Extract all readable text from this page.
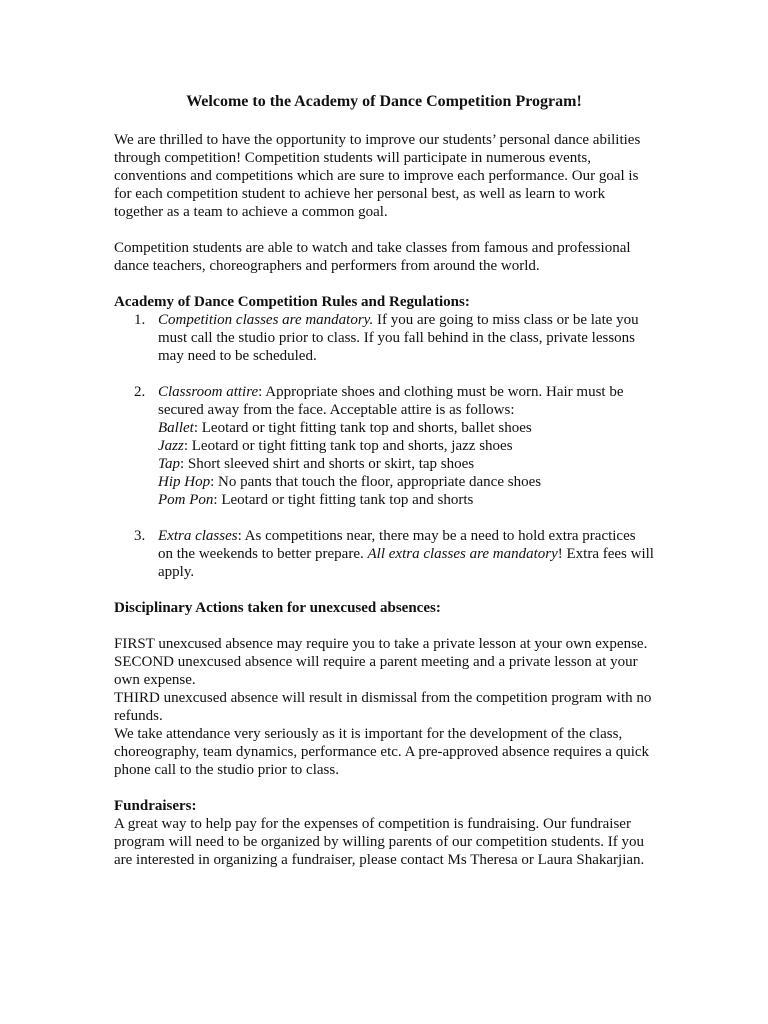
Welcome to the Academy of Dance Competition Program!

We are thrilled to have the opportunity to improve our students’ personal dance abilities through competition! Competition students will participate in numerous events, conventions and competitions which are sure to improve each performance. Our goal is for each competition student to achieve her personal best, as well as learn to work together as a team to achieve a common goal.

Competition students are able to watch and take classes from famous and professional dance teachers, choreographers and performers from around the world.

Academy of Dance Competition Rules and Regulations:

1. Competition classes are mandatory. If you are going to miss class or be late you must call the studio prior to class. If you fall behind in the class, private lessons may need to be scheduled.
2. Classroom attire: Appropriate shoes and clothing must be worn. Hair must be secured away from the face. Acceptable attire is as follows:
Ballet: Leotard or tight fitting tank top and shorts, ballet shoes
Jazz: Leotard or tight fitting tank top and shorts, jazz shoes
Tap: Short sleeved shirt and shorts or skirt, tap shoes
Hip Hop: No pants that touch the floor, appropriate dance shoes
Pom Pon: Leotard or tight fitting tank top and shorts
3. Extra classes: As competitions near, there may be a need to hold extra practices on the weekends to better prepare. All extra classes are mandatory! Extra fees will apply.

Disciplinary Actions taken for unexcused absences:

FIRST unexcused absence may require you to take a private lesson at your own expense.

SECOND unexcused absence will require a parent meeting and a private lesson at your own expense.

THIRD unexcused absence will result in dismissal from the competition program with no refunds.

We take attendance very seriously as it is important for the development of the class, choreography, team dynamics, performance etc. A pre-approved absence requires a quick phone call to the studio prior to class.

Fundraisers:

A great way to help pay for the expenses of competition is fundraising. Our fundraiser program will need to be organized by willing parents of our competition students. If you are interested in organizing a fundraiser, please contact Ms Theresa or Laura Shakarjian.
